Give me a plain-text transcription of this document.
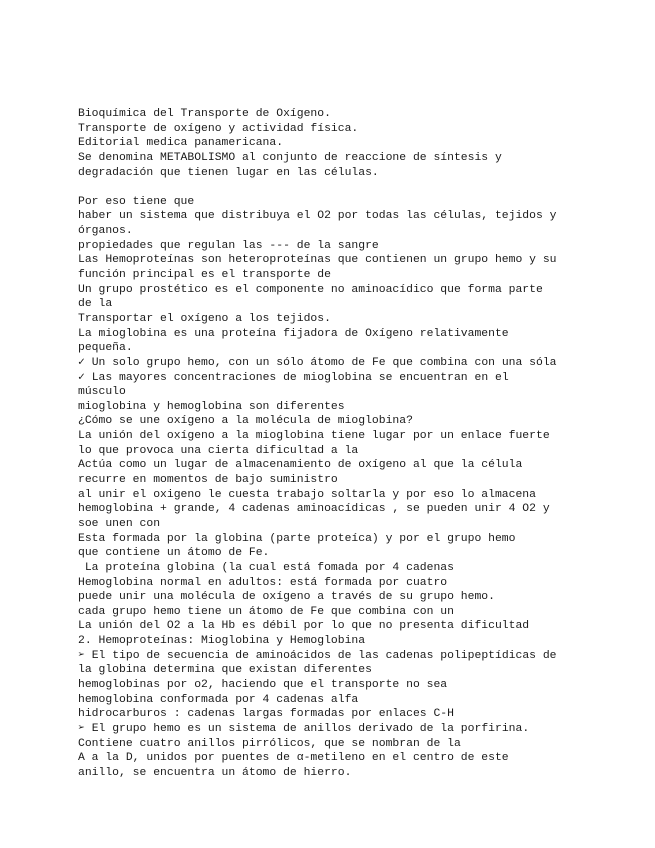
Bioquímica del Transporte de Oxígeno.
Transporte de oxígeno y actividad física.
Editorial medica panamericana.
Se denomina METABOLISMO al conjunto de reaccione de síntesis y
degradación que tienen lugar en las células.
Por eso tiene que
haber un sistema que distribuya el O2 por todas las células, tejidos y
órganos.
propiedades que regulan las --- de la sangre
Las Hemoproteínas son heteroproteínas que contienen un grupo hemo y su
función principal es el transporte de
Un grupo prostético es el componente no aminoacídico que forma parte
de la
Transportar el oxígeno a los tejidos.
La mioglobina es una proteína fijadora de Oxígeno relativamente
pequeña.
✓ Un solo grupo hemo, con un sólo átomo de Fe que combina con una sóla
✓ Las mayores concentraciones de mioglobina se encuentran en el
músculo
mioglobina y hemoglobina son diferentes
¿Cómo se une oxígeno a la molécula de mioglobina?
La unión del oxígeno a la mioglobina tiene lugar por un enlace fuerte
lo que provoca una cierta dificultad a la
Actúa como un lugar de almacenamiento de oxígeno al que la célula
recurre en momentos de bajo suministro
al unir el oxigeno le cuesta trabajo soltarla y por eso lo almacena
hemoglobina + grande, 4 cadenas aminoacídicas , se pueden unir 4 O2 y
soe unen con
Esta formada por la globina (parte proteíca) y por el grupo hemo
que contiene un átomo de Fe.
La proteína globina (la cual está fomada por 4 cadenas
Hemoglobina normal en adultos: está formada por cuatro
puede unir una molécula de oxígeno a través de su grupo hemo.
cada grupo hemo tiene un átomo de Fe que combina con un
La unión del O2 a la Hb es débil por lo que no presenta dificultad
2. Hemoproteínas: Mioglobina y Hemoglobina
➢ El tipo de secuencia de aminoácidos de las cadenas polipeptídicas de
la globina determina que existan diferentes
hemoglobinas por o2, haciendo que el transporte no sea
hemoglobina conformada por 4 cadenas alfa
hidrocarburos : cadenas largas formadas por enlaces C-H
➢ El grupo hemo es un sistema de anillos derivado de la porfirina.
Contiene cuatro anillos pirrólicos, que se nombran de la
A a la D, unidos por puentes de α-metileno en el centro de este
anillo, se encuentra un átomo de hierro.
